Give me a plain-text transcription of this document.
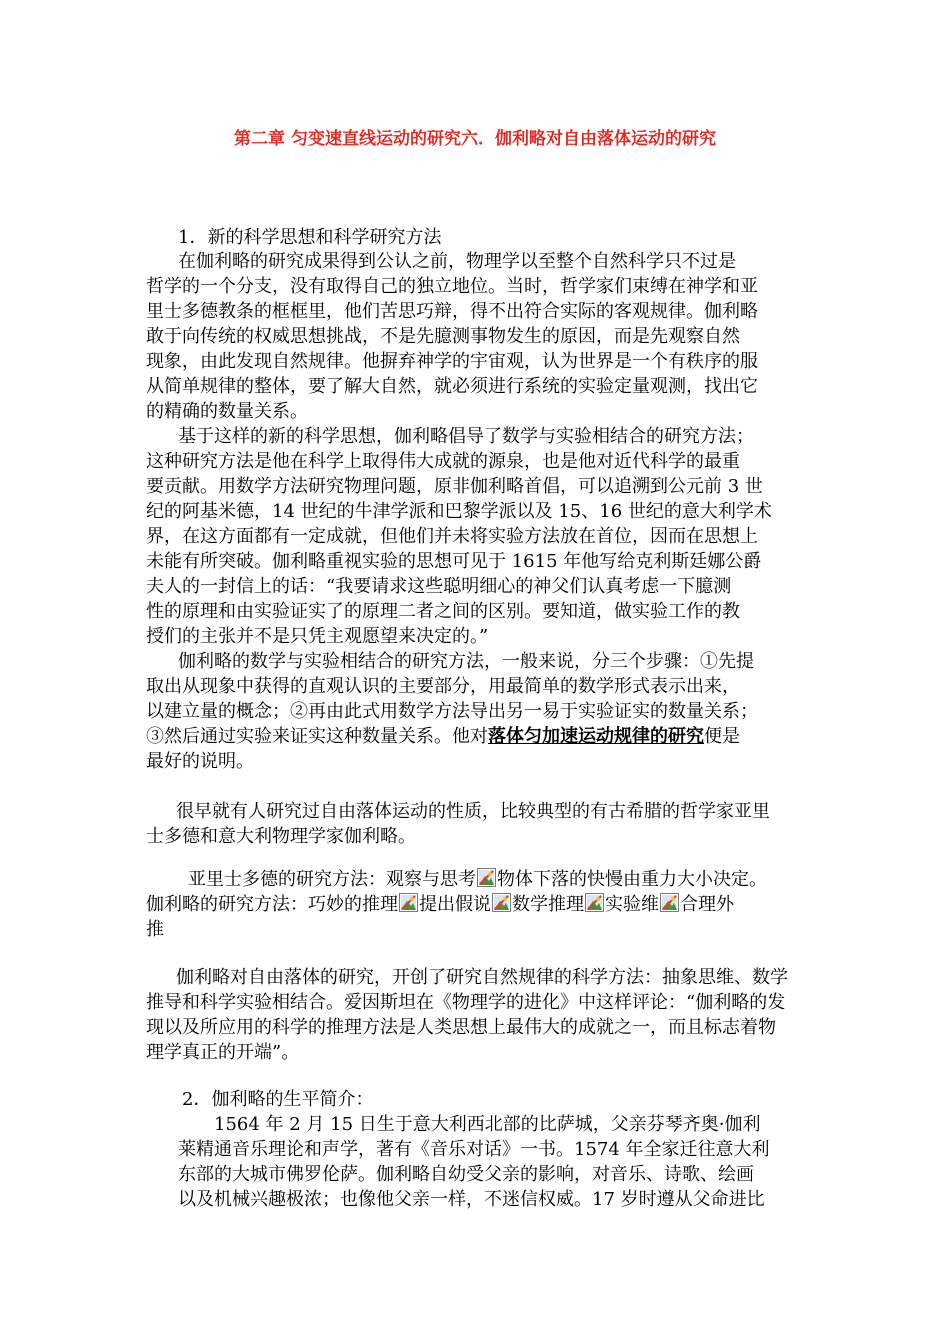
第二章 匀变速直线运动的研究六．伽利略对自由落体运动的研究

1．新的科学思想和科学研究方法

在伽利略的研究成果得到公认之前，物理学以至整个自然科学只不过是

哲学的一个分支，没有取得自己的独立地位。当时，哲学家们束缚在神学和亚

里士多德教条的框框里，他们苦思巧辩，得不出符合实际的客观规律。伽利略

敢于向传统的权威思想挑战，不是先臆测事物发生的原因，而是先观察自然

现象，由此发现自然规律。他摒弃神学的宇宙观，认为世界是一个有秩序的服

从简单规律的整体，要了解大自然，就必须进行系统的实验定量观测，找出它

的精确的数量关系。

基于这样的新的科学思想，伽利略倡导了数学与实验相结合的研究方法；

这种研究方法是他在科学上取得伟大成就的源泉，也是他对近代科学的最重

要贡献。用数学方法研究物理问题，原非伽利略首倡，可以追溯到公元前 3 世

纪的阿基米德，14 世纪的牛津学派和巴黎学派以及 15、16 世纪的意大利学术

界，在这方面都有一定成就，但他们并未将实验方法放在首位，因而在思想上

未能有所突破。伽利略重视实验的思想可见于 1615 年他写给克利斯廷娜公爵

夫人的一封信上的话：“我要请求这些聪明细心的神父们认真考虑一下臆测

性的原理和由实验证实了的原理二者之间的区别。要知道，做实验工作的教

授们的主张并不是只凭主观愿望来决定的。”

伽利略的数学与实验相结合的研究方法，一般来说，分三个步骤：①先提

取出从现象中获得的直观认识的主要部分，用最简单的数学形式表示出来，

以建立量的概念；②再由此式用数学方法导出另一易于实验证实的数量关系；

③然后通过实验来证实这种数量关系。他对落体匀加速运动规律的研究便是

最好的说明。

很早就有人研究过自由落体运动的性质，比较典型的有古希腊的哲学家亚里

士多德和意大利物理学家伽利略。

亚里士多德的研究方法：观察与思考 物体下落的快慢由重力大小决定。

伽利略的研究方法：巧妙的推理 提出假说 数学推理 实验维 合理外

推

伽利略对自由落体的研究，开创了研究自然规律的科学方法：抽象思维、数学

推导和科学实验相结合。爱因斯坦在《物理学的进化》中这样评论：“伽利略的发

现以及所应用的科学的推理方法是人类思想上最伟大的成就之一，而且标志着物

理学真正的开端”。

2．伽利略的生平简介：

1564 年 2 月 15 日生于意大利西北部的比萨城，父亲芬琴齐奥·伽利

莱精通音乐理论和声学，著有《音乐对话》一书。1574 年全家迁往意大利

东部的大城市佛罗伦萨。伽利略自幼受父亲的影响，对音乐、诗歌、绘画

以及机械兴趣极浓；也像他父亲一样，不迷信权威。17 岁时遵从父命进比
